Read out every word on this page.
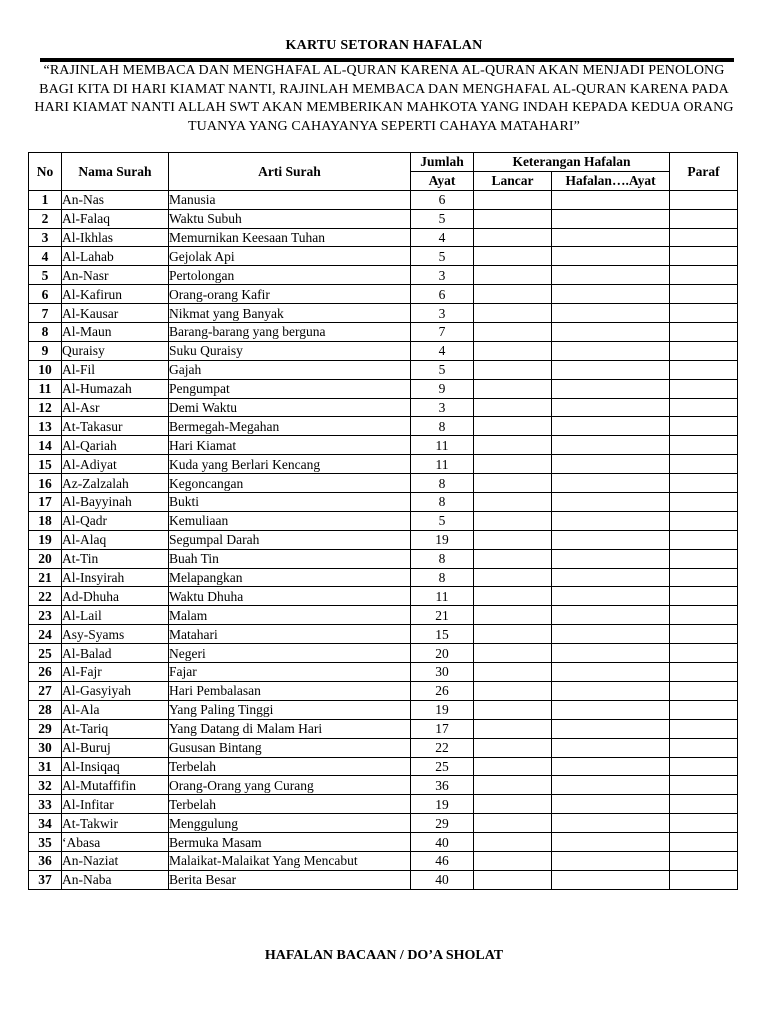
KARTU SETORAN HAFALAN
“RAJINLAH MEMBACA DAN MENGHAFAL AL-QURAN KARENA AL-QURAN AKAN MENJADI PENOLONG BAGI KITA DI HARI KIAMAT NANTI, RAJINLAH MEMBACA DAN MENGHAFAL AL-QURAN KARENA PADA HARI KIAMAT NANTI ALLAH SWT AKAN MEMBERIKAN MAHKOTA YANG INDAH KEPADA KEDUA ORANG TUANYA YANG CAHAYANYA SEPERTI CAHAYA MATAHARI”
No	Nama Surah	Arti Surah	Jumlah	Keterangan Hafalan		Paraf
			Ayat	Lancar	Hafalan….Ayat	
1	An-Nas	Manusia	6			
2	Al-Falaq	Waktu Subuh	5			
3	Al-Ikhlas	Memurnikan Keesaan Tuhan	4			
4	Al-Lahab	Gejolak Api	5			
5	An-Nasr	Pertolongan	3			
6	Al-Kafirun	Orang-orang Kafir	6			
7	Al-Kausar	Nikmat yang Banyak	3			
8	Al-Maun	Barang-barang yang berguna	7			
9	Quraisy	Suku Quraisy	4			
10	Al-Fil	Gajah	5			
11	Al-Humazah	Pengumpat	9			
12	Al-Asr	Demi Waktu	3			
13	At-Takasur	Bermegah-Megahan	8			
14	Al-Qariah	Hari Kiamat	11			
15	Al-Adiyat	Kuda yang Berlari Kencang	11			
16	Az-Zalzalah	Kegoncangan	8			
17	Al-Bayyinah	Bukti	8			
18	Al-Qadr	Kemuliaan	5			
19	Al-Alaq	Segumpal Darah	19			
20	At-Tin	Buah Tin	8			
21	Al-Insyirah	Melapangkan	8			
22	Ad-Dhuha	Waktu Dhuha	11			
23	Al-Lail	Malam	21			
24	Asy-Syams	Matahari	15			
25	Al-Balad	Negeri	20			
26	Al-Fajr	Fajar	30			
27	Al-Gasyiyah	Hari Pembalasan	26			
28	Al-Ala	Yang Paling Tinggi	19			
29	At-Tariq	Yang Datang di Malam Hari	17			
30	Al-Buruj	Gususan Bintang	22			
31	Al-Insiqaq	Terbelah	25			
32	Al-Mutaffifin	Orang-Orang yang Curang	36			
33	Al-Infitar	Terbelah	19			
34	At-Takwir	Menggulung	29			
35	‘Abasa	Bermuka Masam	40			
36	An-Naziat	Malaikat-Malaikat Yang Mencabut	46			
37	An-Naba	Berita Besar	40			
HAFALAN BACAAN / DO’A SHOLAT
